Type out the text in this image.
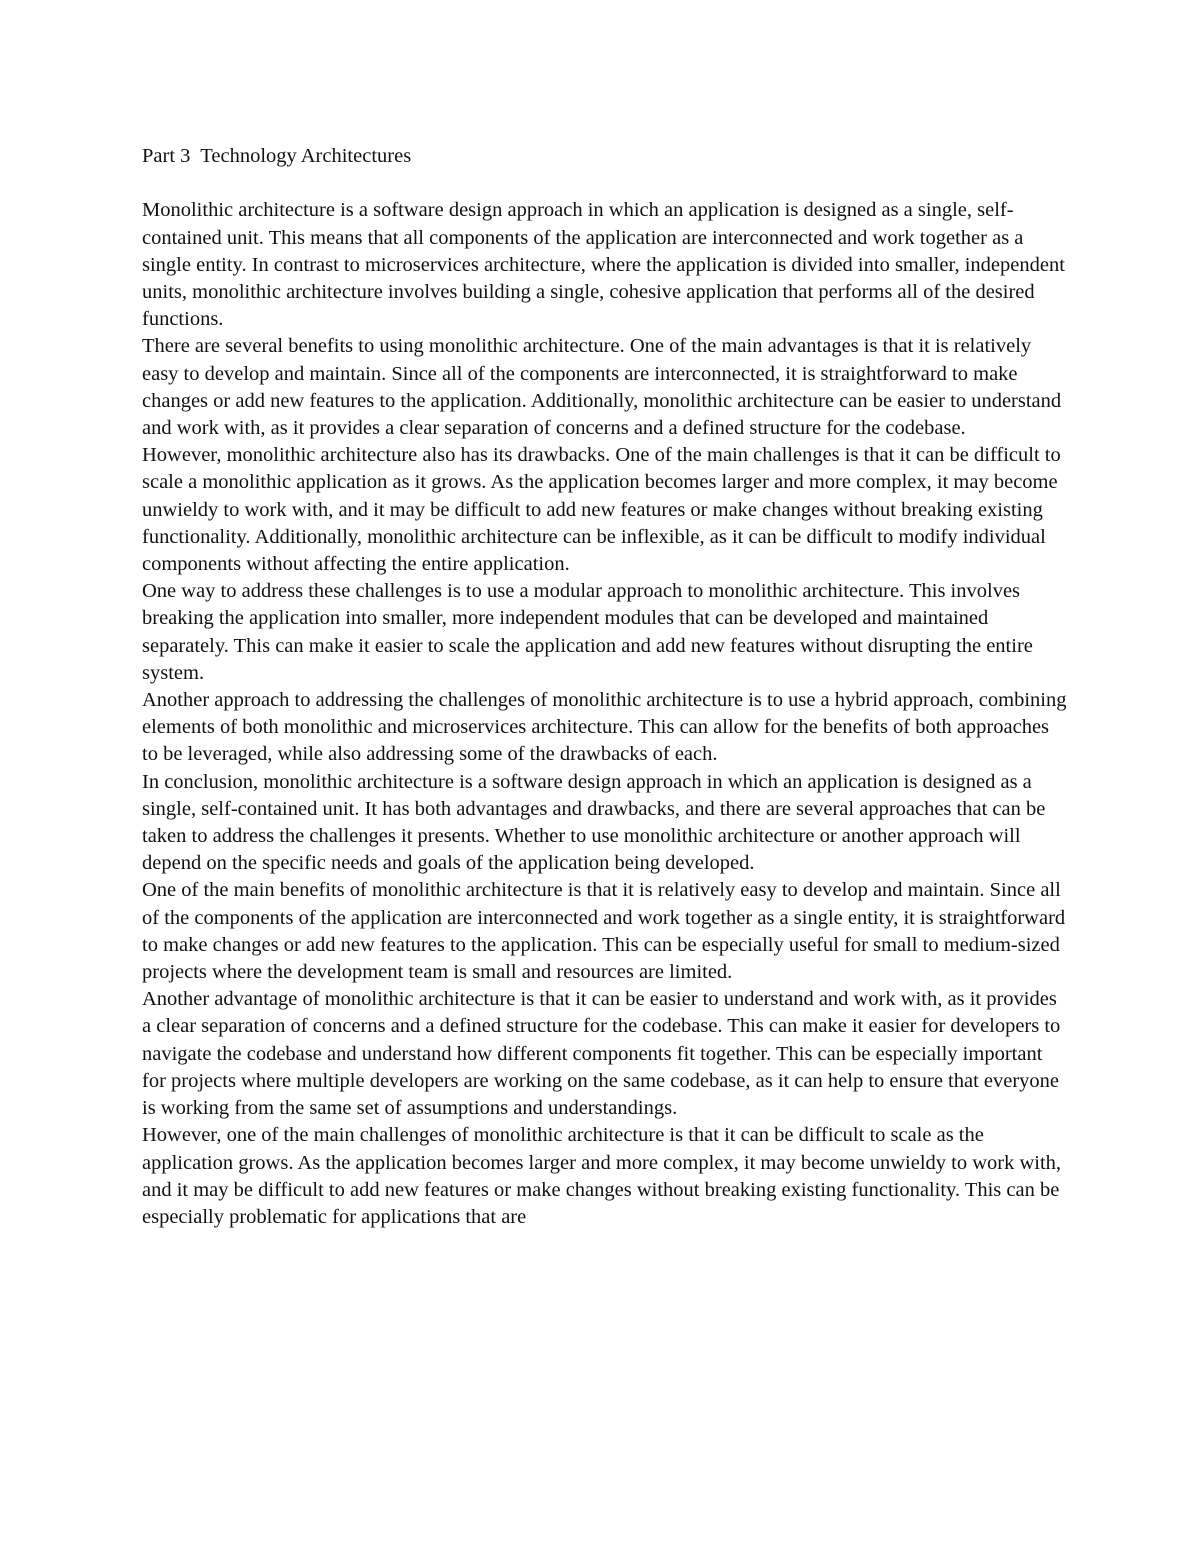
Part 3  Technology Architectures

Monolithic architecture is a software design approach in which an application is designed as a single, self-contained unit. This means that all components of the application are interconnected and work together as a single entity. In contrast to microservices architecture, where the application is divided into smaller, independent units, monolithic architecture involves building a single, cohesive application that performs all of the desired functions.

There are several benefits to using monolithic architecture. One of the main advantages is that it is relatively easy to develop and maintain. Since all of the components are interconnected, it is straightforward to make changes or add new features to the application. Additionally, monolithic architecture can be easier to understand and work with, as it provides a clear separation of concerns and a defined structure for the codebase.

However, monolithic architecture also has its drawbacks. One of the main challenges is that it can be difficult to scale a monolithic application as it grows. As the application becomes larger and more complex, it may become unwieldy to work with, and it may be difficult to add new features or make changes without breaking existing functionality. Additionally, monolithic architecture can be inflexible, as it can be difficult to modify individual components without affecting the entire application.

One way to address these challenges is to use a modular approach to monolithic architecture. This involves breaking the application into smaller, more independent modules that can be developed and maintained separately. This can make it easier to scale the application and add new features without disrupting the entire system.

Another approach to addressing the challenges of monolithic architecture is to use a hybrid approach, combining elements of both monolithic and microservices architecture. This can allow for the benefits of both approaches to be leveraged, while also addressing some of the drawbacks of each.

In conclusion, monolithic architecture is a software design approach in which an application is designed as a single, self-contained unit. It has both advantages and drawbacks, and there are several approaches that can be taken to address the challenges it presents. Whether to use monolithic architecture or another approach will depend on the specific needs and goals of the application being developed.

One of the main benefits of monolithic architecture is that it is relatively easy to develop and maintain. Since all of the components of the application are interconnected and work together as a single entity, it is straightforward to make changes or add new features to the application. This can be especially useful for small to medium-sized projects where the development team is small and resources are limited.

Another advantage of monolithic architecture is that it can be easier to understand and work with, as it provides a clear separation of concerns and a defined structure for the codebase. This can make it easier for developers to navigate the codebase and understand how different components fit together. This can be especially important for projects where multiple developers are working on the same codebase, as it can help to ensure that everyone is working from the same set of assumptions and understandings.

However, one of the main challenges of monolithic architecture is that it can be difficult to scale as the application grows. As the application becomes larger and more complex, it may become unwieldy to work with, and it may be difficult to add new features or make changes without breaking existing functionality. This can be especially problematic for applications that are
